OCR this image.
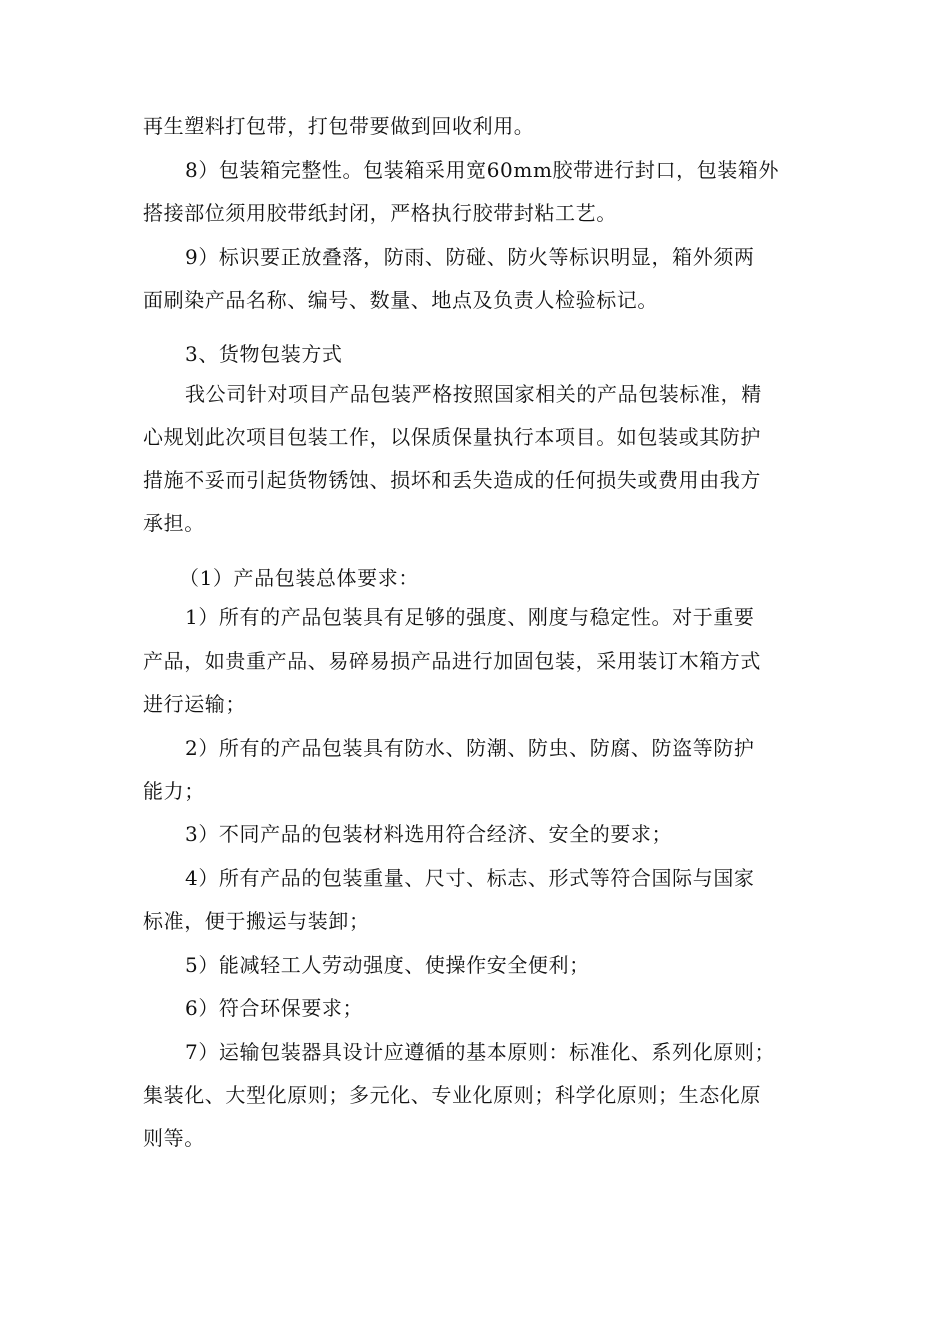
再生塑料打包带，打包带要做到回收利用。
8）包装箱完整性。包装箱采用宽60mm胶带进行封口，包装箱外
搭接部位须用胶带纸封闭，严格执行胶带封粘工艺。
9）标识要正放叠落，防雨、防碰、防火等标识明显，箱外须两
面刷染产品名称、编号、数量、地点及负责人检验标记。
3、货物包装方式
我公司针对项目产品包装严格按照国家相关的产品包装标准，精
心规划此次项目包装工作，以保质保量执行本项目。如包装或其防护
措施不妥而引起货物锈蚀、损坏和丢失造成的任何损失或费用由我方
承担。
（1）产品包装总体要求：
1）所有的产品包装具有足够的强度、刚度与稳定性。对于重要
产品，如贵重产品、易碎易损产品进行加固包装，采用装订木箱方式
进行运输；
2）所有的产品包装具有防水、防潮、防虫、防腐、防盗等防护
能力；
3）不同产品的包装材料选用符合经济、安全的要求；
4）所有产品的包装重量、尺寸、标志、形式等符合国际与国家
标准，便于搬运与装卸；
5）能减轻工人劳动强度、使操作安全便利；
6）符合环保要求；
7）运输包装器具设计应遵循的基本原则：标准化、系列化原则；
集装化、大型化原则；多元化、专业化原则；科学化原则；生态化原
则等。
